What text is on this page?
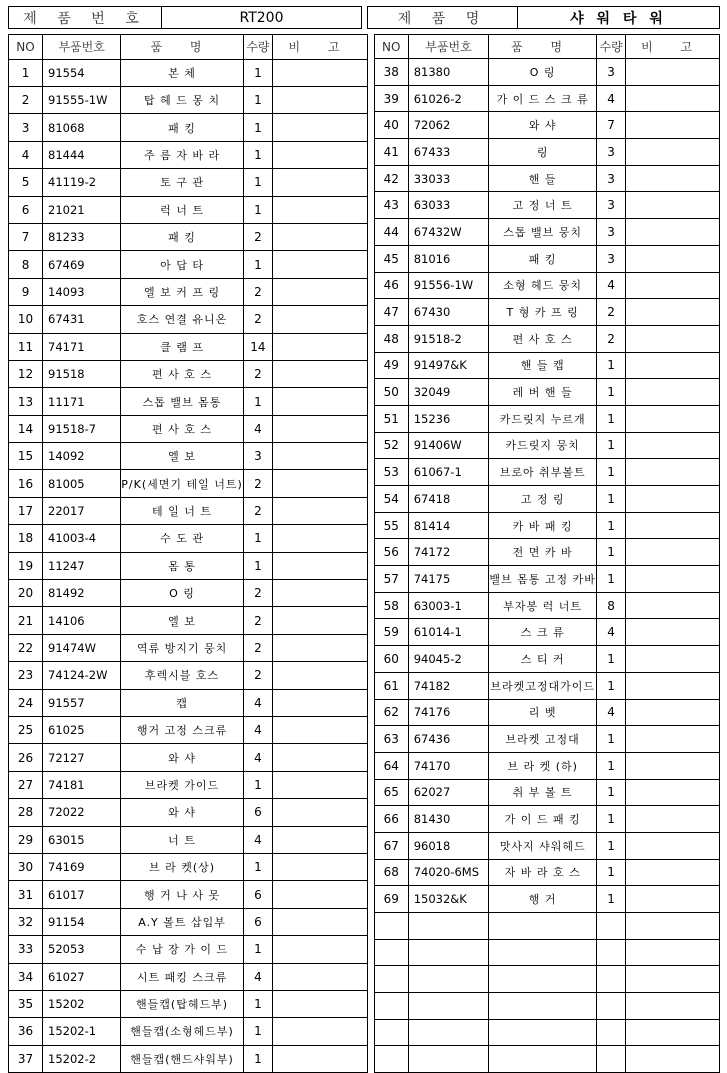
제 품 번 호	RT200	제 품 명	샤 워 타 워
NO	부품번호	품 명	수량	비 고
1	91554	본 체	1	
2	91555-1W	탑 헤 드 몽 치	1	
3	81068	패 킹	1	
4	81444	주 름 자 바 라	1	
5	41119-2	토 구 관	1	
6	21021	럭 너 트	1	
7	81233	패 킹	2	
8	67469	아 답 타	1	
9	14093	엘 보 커 프 링	2	
10	67431	호스 연결 유니온	2	
11	74171	클 램 프	14	
12	91518	편 사 호 스	2	
13	11171	스톱 밸브 몸통	1	
14	91518-7	편 사 호 스	4	
15	14092	엘 보	3	
16	81005	P/K(세면기 테일 너트)	2	
17	22017	테 일 너 트	2	
18	41003-4	수 도 관	1	
19	11247	몸 통	1	
20	81492	O 링	2	
21	14106	엘 보	2	
22	91474W	역류 방지기 뭉치	2	
23	74124-2W	후렉시블 호스	2	
24	91557	캡	4	
25	61025	행거 고정 스크류	4	
26	72127	와 샤	4	
27	74181	브라켓 가이드	1	
28	72022	와 샤	6	
29	63015	너 트	4	
30	74169	브 라 켓(상)	1	
31	61017	행 거 나 사 못	6	
32	91154	A.Y 볼트 삽입부	6	
33	52053	수 납 장 가 이 드	1	
34	61027	시트 패킹 스크류	4	
35	15202	핸들캡(탑헤드부)	1	
36	15202-1	핸들캡(소형헤드부)	1	
37	15202-2	핸들캡(핸드샤워부)	1	
NO	부품번호	품 명	수량	비 고
38	81380	O 링	3	
39	61026-2	가 이 드 스 크 류	4	
40	72062	와 샤	7	
41	67433	링	3	
42	33033	핸 들	3	
43	63033	고 정 너 트	3	
44	67432W	스톱 밸브 뭉치	3	
45	81016	패 킹	3	
46	91556-1W	소형 헤드 뭉치	4	
47	67430	T 형 카 프 링	2	
48	91518-2	편 사 호 스	2	
49	91497&K	핸 들 캡	1	
50	32049	레 버 핸 들	1	
51	15236	카드릿지 누르개	1	
52	91406W	카드릿지 뭉치	1	
53	61067-1	브로아 취부볼트	1	
54	67418	고 정 링	1	
55	81414	카 바 패 킹	1	
56	74172	전 면 카 바	1	
57	74175	밸브 몸통 고정 카바	1	
58	63003-1	부자봉 럭 너트	8	
59	61014-1	스 크 류	4	
60	94045-2	스 티 커	1	
61	74182	브라켓고정대가이드	1	
62	74176	리 벳	4	
63	67436	브라켓 고정대	1	
64	74170	브 라 켓 (하)	1	
65	62027	취 부 볼 트	1	
66	81430	가 이 드 패 킹	1	
67	96018	맛사지 샤워헤드	1	
68	74020-6MS	자 바 라 호 스	1	
69	15032&K	행 거	1	
